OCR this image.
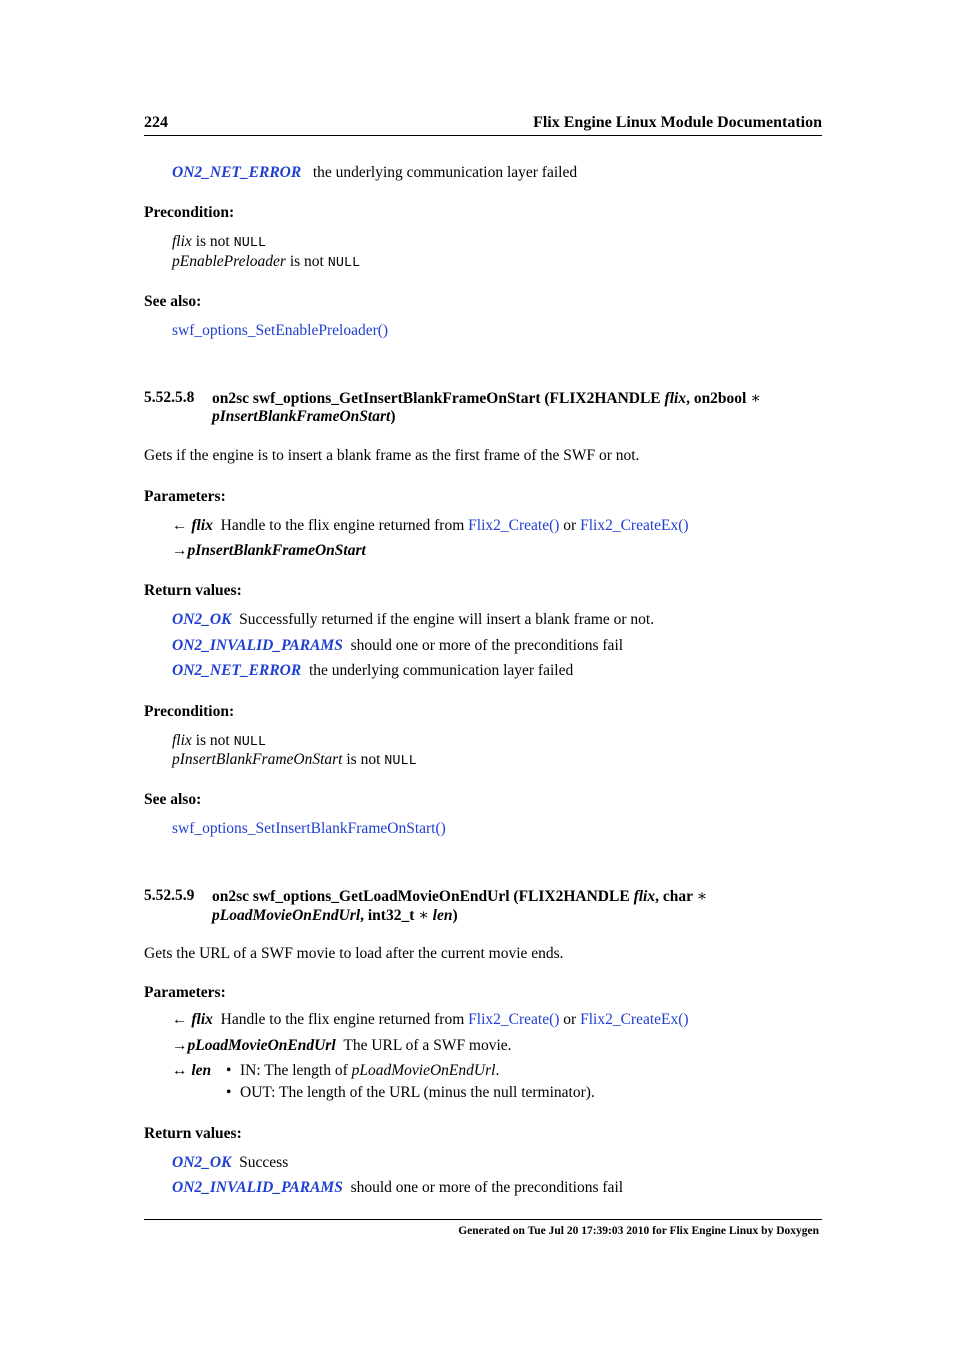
224	Flix Engine Linux Module Documentation
ON2_NET_ERROR the underlying communication layer failed
Precondition:
flix is not NULL
pEnablePreloader is not NULL
See also:
swf_options_SetEnablePreloader()
5.52.5.8 on2sc swf_options_GetInsertBlankFrameOnStart (FLIX2HANDLE flix, on2bool ∗
pInsertBlankFrameOnStart)
Gets if the engine is to insert a blank frame as the first frame of the SWF or not.
Parameters:
← flix Handle to the flix engine returned from Flix2_Create() or Flix2_CreateEx()
→pInsertBlankFrameOnStart
Return values:
ON2_OK Successfully returned if the engine will insert a blank frame or not.
ON2_INVALID_PARAMS should one or more of the preconditions fail
ON2_NET_ERROR the underlying communication layer failed
Precondition:
flix is not NULL
pInsertBlankFrameOnStart is not NULL
See also:
swf_options_SetInsertBlankFrameOnStart()
5.52.5.9 on2sc swf_options_GetLoadMovieOnEndUrl (FLIX2HANDLE flix, char ∗
pLoadMovieOnEndUrl, int32_t ∗ len)
Gets the URL of a SWF movie to load after the current movie ends.
Parameters:
← flix Handle to the flix engine returned from Flix2_Create() or Flix2_CreateEx()
→pLoadMovieOnEndUrl The URL of a SWF movie.
↔ len • IN: The length of pLoadMovieOnEndUrl.
• OUT: The length of the URL (minus the null terminator).
Return values:
ON2_OK Success
ON2_INVALID_PARAMS should one or more of the preconditions fail
Generated on Tue Jul 20 17:39:03 2010 for Flix Engine Linux by Doxygen
